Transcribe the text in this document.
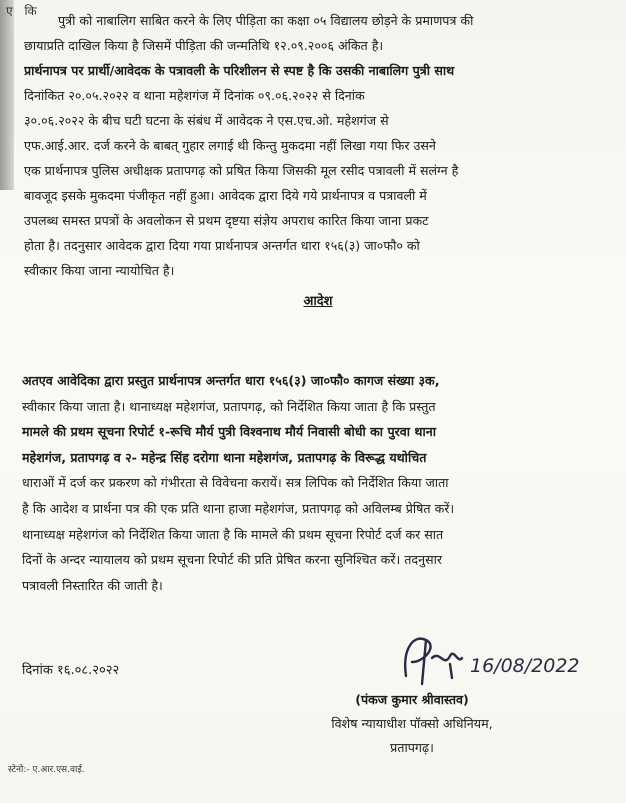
ए कि
पुत्री को नाबालिग साबित करने के लिए पीड़िता का कक्षा ०५ विद्यालय छोड़ने के प्रमाणपत्र की
छायाप्रति दाखिल किया है जिसमें पीड़िता की जन्मतिथि १२.०९.२००६ अंकित है।
प्रार्थनापत्र पर प्रार्थी/आवेदक के पत्रावली के परिशीलन से स्पष्ट है कि उसकी नाबालिग पुत्री साथ
दिनांकित २०.०५.२०२२ व थाना महेशगंज में दिनांक ०९.०६.२०२२ से दिनांक
३०.०६.२०२२ के बीच घटी घटना के संबंध में आवेदक ने एस.एच.ओ. महेशगंज से
एफ.आई.आर. दर्ज करने के बाबत् गुहार लगाई थी किन्तु मुकदमा नहीं लिखा गया फिर उसने
एक प्रार्थनापत्र पुलिस अधीक्षक प्रतापगढ़ को प्रषित किया जिसकी मूल रसीद पत्रावली में सलंग्न है
बावजूद इसके मुकदमा पंजीकृत नहीं हुआ। आवेदक द्वारा दिये गये प्रार्थनापत्र व पत्रावली में
उपलब्ध समस्त प्रपत्रों के अवलोकन से प्रथम दृष्टया संज्ञेय अपराध कारित किया जाना प्रकट
होता है। तदनुसार आवेदक द्वारा दिया गया प्रार्थनापत्र अन्तर्गत धारा १५६(३) जा०फौ० को
स्वीकार किया जाना न्यायोचित है।
आदेश
अतएव आवेदिका द्वारा प्रस्तुत प्रार्थनापत्र अन्तर्गत धारा १५६(३) जा०फौ० कागज संख्या ३क,
स्वीकार किया जाता है। थानाध्यक्ष महेशगंज, प्रतापगढ़, को निर्देशित किया जाता है कि प्रस्तुत
मामले की प्रथम सूचना रिपोर्ट १-रूचि मौर्य पुत्री विश्वनाथ मौर्य निवासी बोधी का पुरवा थाना
महेशगंज, प्रतापगढ़ व २- महेन्द्र सिंह दरोगा थाना महेशगंज, प्रतापगढ़ के विरूद्ध यथोचित
धाराओं में दर्ज कर प्रकरण को गंभीरता से विवेचना करायें। सत्र लिपिक को निर्देशित किया जाता
है कि आदेश व प्रार्थना पत्र की एक प्रति थाना हाजा महेशगंज, प्रतापगढ़ को अविलम्ब प्रेषित करें।
थानाध्यक्ष महेशगंज को निर्देशित किया जाता है कि मामले की प्रथम सूचना रिपोर्ट दर्ज कर सात
दिनों के अन्दर न्यायालय को प्रथम सूचना रिपोर्ट की प्रति प्रेषित करना सुनिश्चित करें। तदनुसार
पत्रावली निस्तारित की जाती है।
दिनांक १६.०८.२०२२	16/08/2022
(पंकज कुमार श्रीवास्तव)
विशेष न्यायाधीश पॉक्सो अधिनियम,
प्रतापगढ़।
स्टेनो:- ए.आर.एस.वाई.
